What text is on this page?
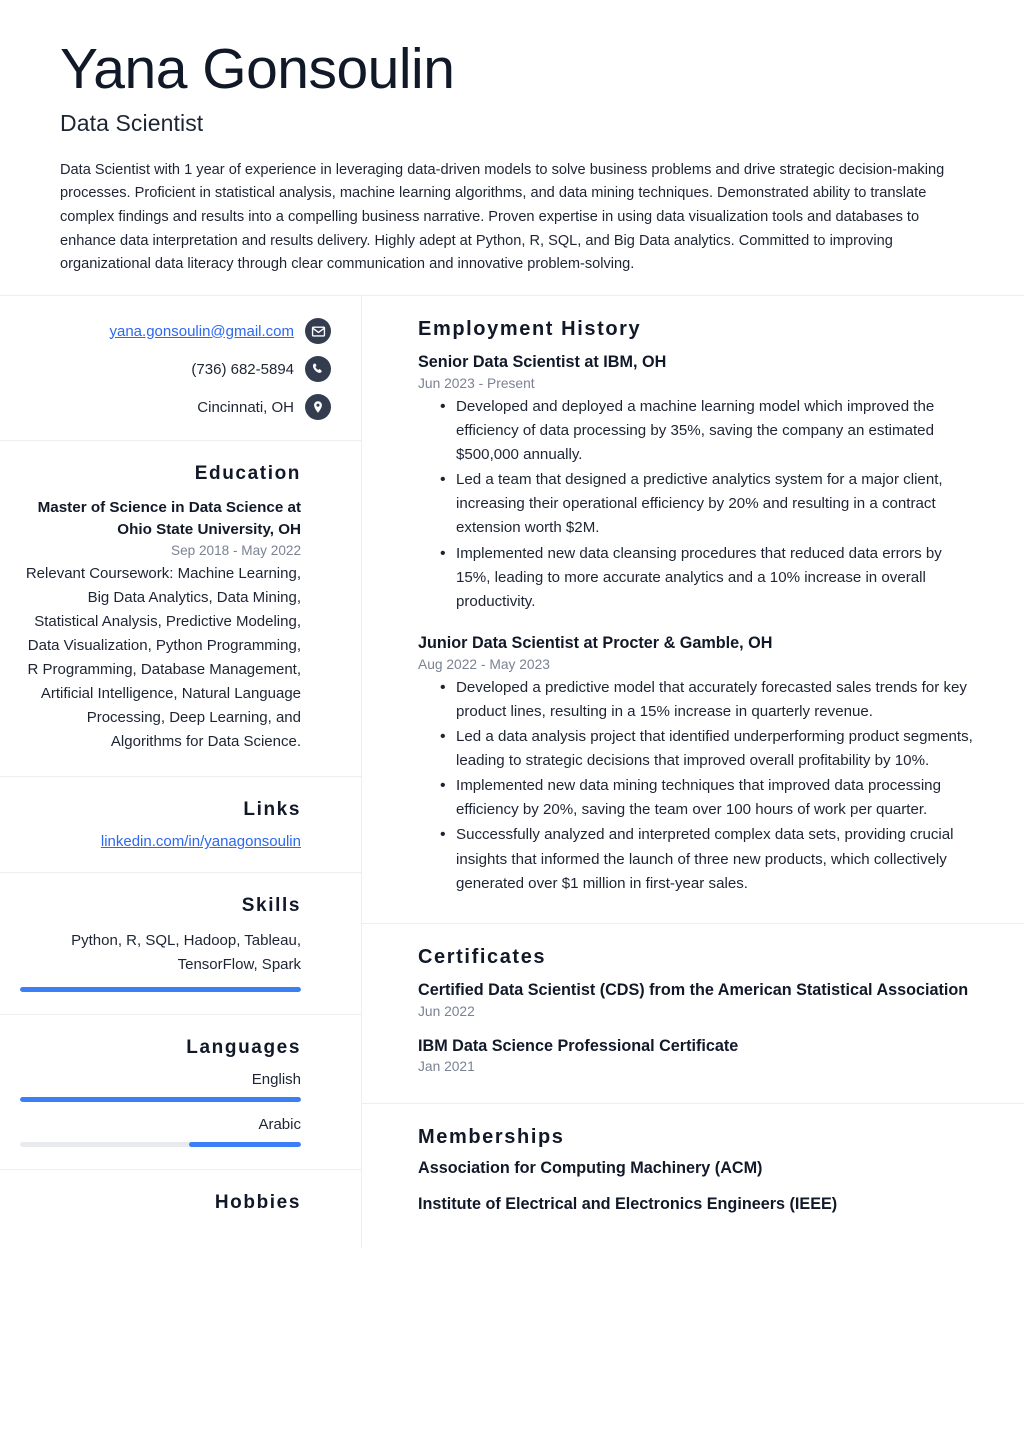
Yana Gonsoulin
Data Scientist

Data Scientist with 1 year of experience in leveraging data-driven models to solve business problems and drive strategic decision-making processes. Proficient in statistical analysis, machine learning algorithms, and data mining techniques. Demonstrated ability to translate complex findings and results into a compelling business narrative. Proven expertise in using data visualization tools and databases to enhance data interpretation and results delivery. Highly adept at Python, R, SQL, and Big Data analytics. Committed to improving organizational data literacy through clear communication and innovative problem-solving.

yana.gonsoulin@gmail.com
(736) 682-5894
Cincinnati, OH
Education
Master of Science in Data Science at Ohio State University, OH
Sep 2018 - May 2022

Relevant Coursework: Machine Learning, Big Data Analytics, Data Mining, Statistical Analysis, Predictive Modeling, Data Visualization, Python Programming, R Programming, Database Management, Artificial Intelligence, Natural Language Processing, Deep Learning, and Algorithms for Data Science.

Links
linkedin.com/in/yanagonsoulin
Skills

Python, R, SQL, Hadoop, Tableau, TensorFlow, Spark

Languages
English
Arabic
Hobbies
Employment History
Senior Data Scientist at IBM, OH
Jun 2023 - Present
• Developed and deployed a machine learning model which improved the efficiency of data processing by 35%, saving the company an estimated $500,000 annually.
• Led a team that designed a predictive analytics system for a major client, increasing their operational efficiency by 20% and resulting in a contract extension worth $2M.
• Implemented new data cleansing procedures that reduced data errors by 15%, leading to more accurate analytics and a 10% increase in overall productivity.
Junior Data Scientist at Procter & Gamble, OH
Aug 2022 - May 2023
• Developed a predictive model that accurately forecasted sales trends for key product lines, resulting in a 15% increase in quarterly revenue.
• Led a data analysis project that identified underperforming product segments, leading to strategic decisions that improved overall profitability by 10%.
• Implemented new data mining techniques that improved data processing efficiency by 20%, saving the team over 100 hours of work per quarter.
• Successfully analyzed and interpreted complex data sets, providing crucial insights that informed the launch of three new products, which collectively generated over $1 million in first-year sales.
Certificates
Certified Data Scientist (CDS) from the American Statistical Association
Jun 2022
IBM Data Science Professional Certificate
Jan 2021
Memberships
Association for Computing Machinery (ACM)
Institute of Electrical and Electronics Engineers (IEEE)
